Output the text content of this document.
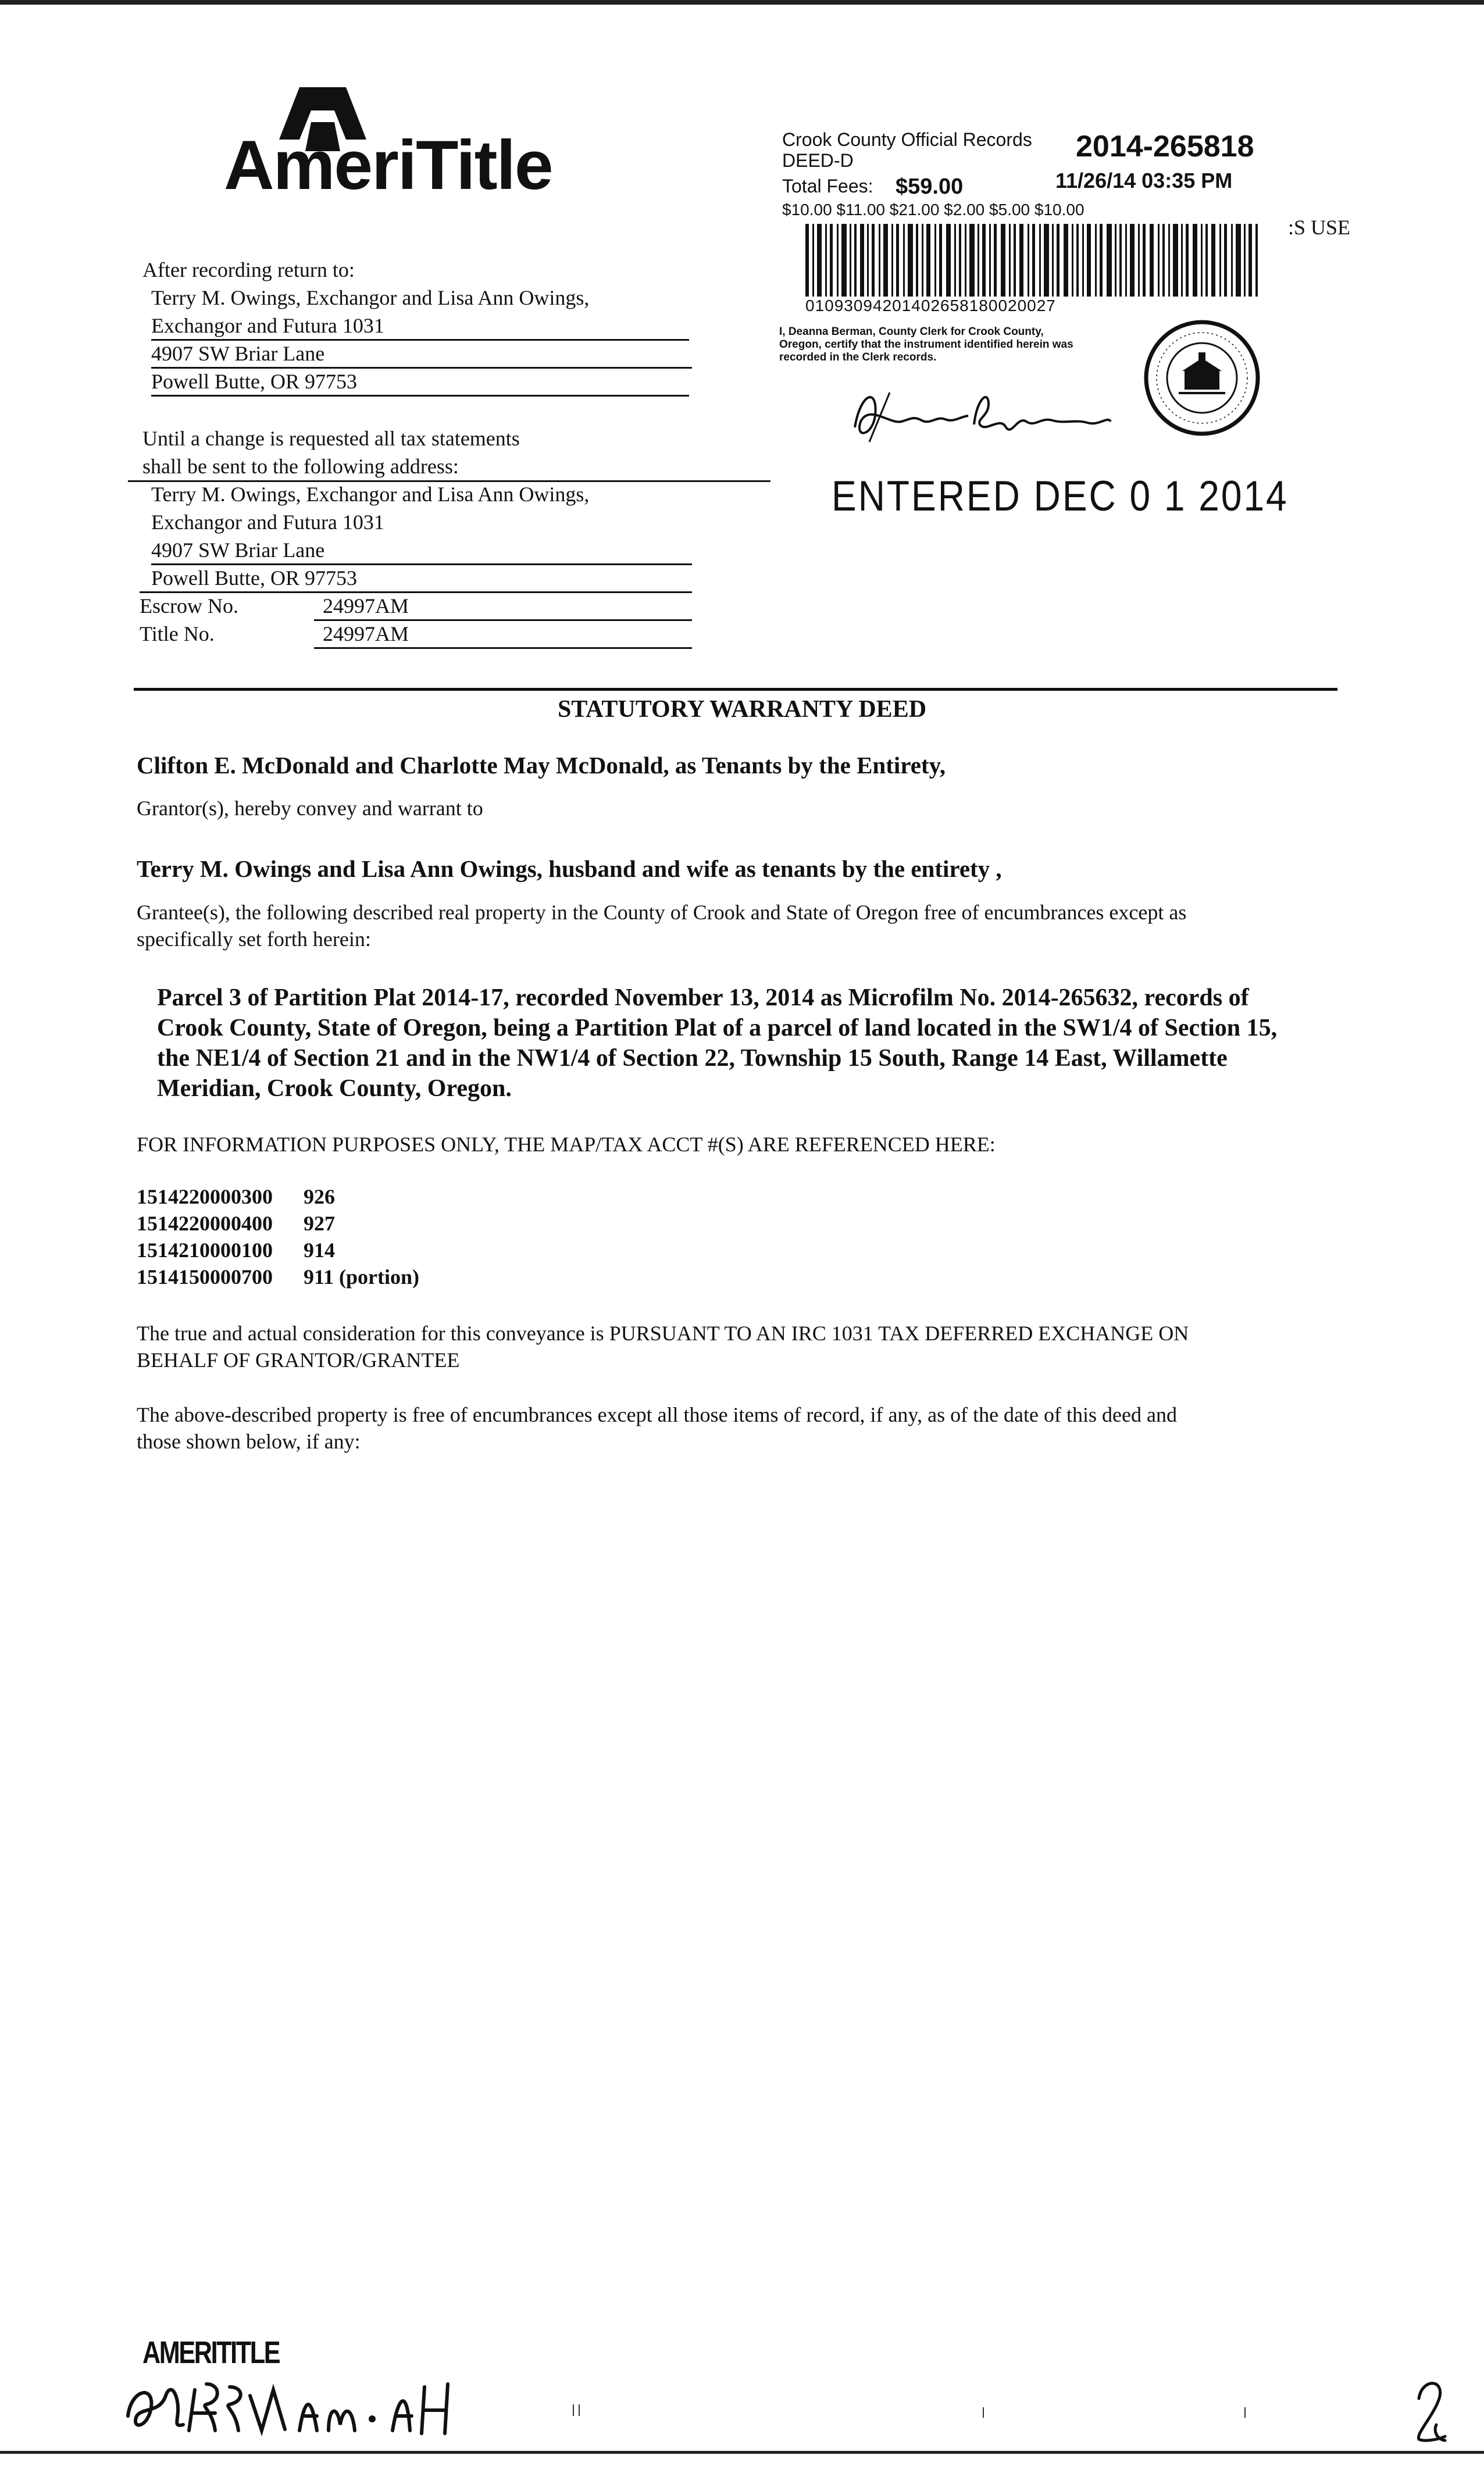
AmeriTitle
After recording return to:
Terry M. Owings, Exchangor and Lisa Ann Owings,
Exchangor and Futura 1031
4907 SW Briar Lane
Powell Butte, OR 97753
Until a change is requested all tax statements
shall be sent to the following address:
Terry M. Owings, Exchangor and Lisa Ann Owings,
Exchangor and Futura 1031
4907 SW Briar Lane
Powell Butte, OR 97753
Escrow No.	24997AM
Title No.	24997AM
Crook County Official Records
DEED-D	2014-265818
Total Fees: $59.00	11/26/14 03:35 PM
$10.00 $11.00 $21.00 $2.00 $5.00 $10.00
:S USE
01093094201402658180020027
I, Deanna Berman, County Clerk for Crook County, Oregon, certify that the instrument identified herein was recorded in the Clerk records.
ENTERED DEC 0 1 2014
STATUTORY WARRANTY DEED
Clifton E. McDonald and Charlotte May McDonald, as Tenants by the Entirety,
Grantor(s), hereby convey and warrant to
Terry M. Owings and Lisa Ann Owings, husband and wife as tenants by the entirety ,
Grantee(s), the following described real property in the County of Crook and State of Oregon free of encumbrances except as
specifically set forth herein:
Parcel 3 of Partition Plat 2014-17, recorded November 13, 2014 as Microfilm No. 2014-265632, records of
Crook County, State of Oregon, being a Partition Plat of a parcel of land located in the SW1/4 of Section 15,
the NE1/4 of Section 21 and in the NW1/4 of Section 22, Township 15 South, Range 14 East, Willamette
Meridian, Crook County, Oregon.
FOR INFORMATION PURPOSES ONLY, THE MAP/TAX ACCT #(S) ARE REFERENCED HERE:
1514220000300 926
1514220000400 927
1514210000100 914
1514150000700 911 (portion)
The true and actual consideration for this conveyance is PURSUANT TO AN IRC 1031 TAX DEFERRED EXCHANGE ON
BEHALF OF GRANTOR/GRANTEE
The above-described property is free of encumbrances except all those items of record, if any, as of the date of this deed and
those shown below, if any:
AMERITITLE
